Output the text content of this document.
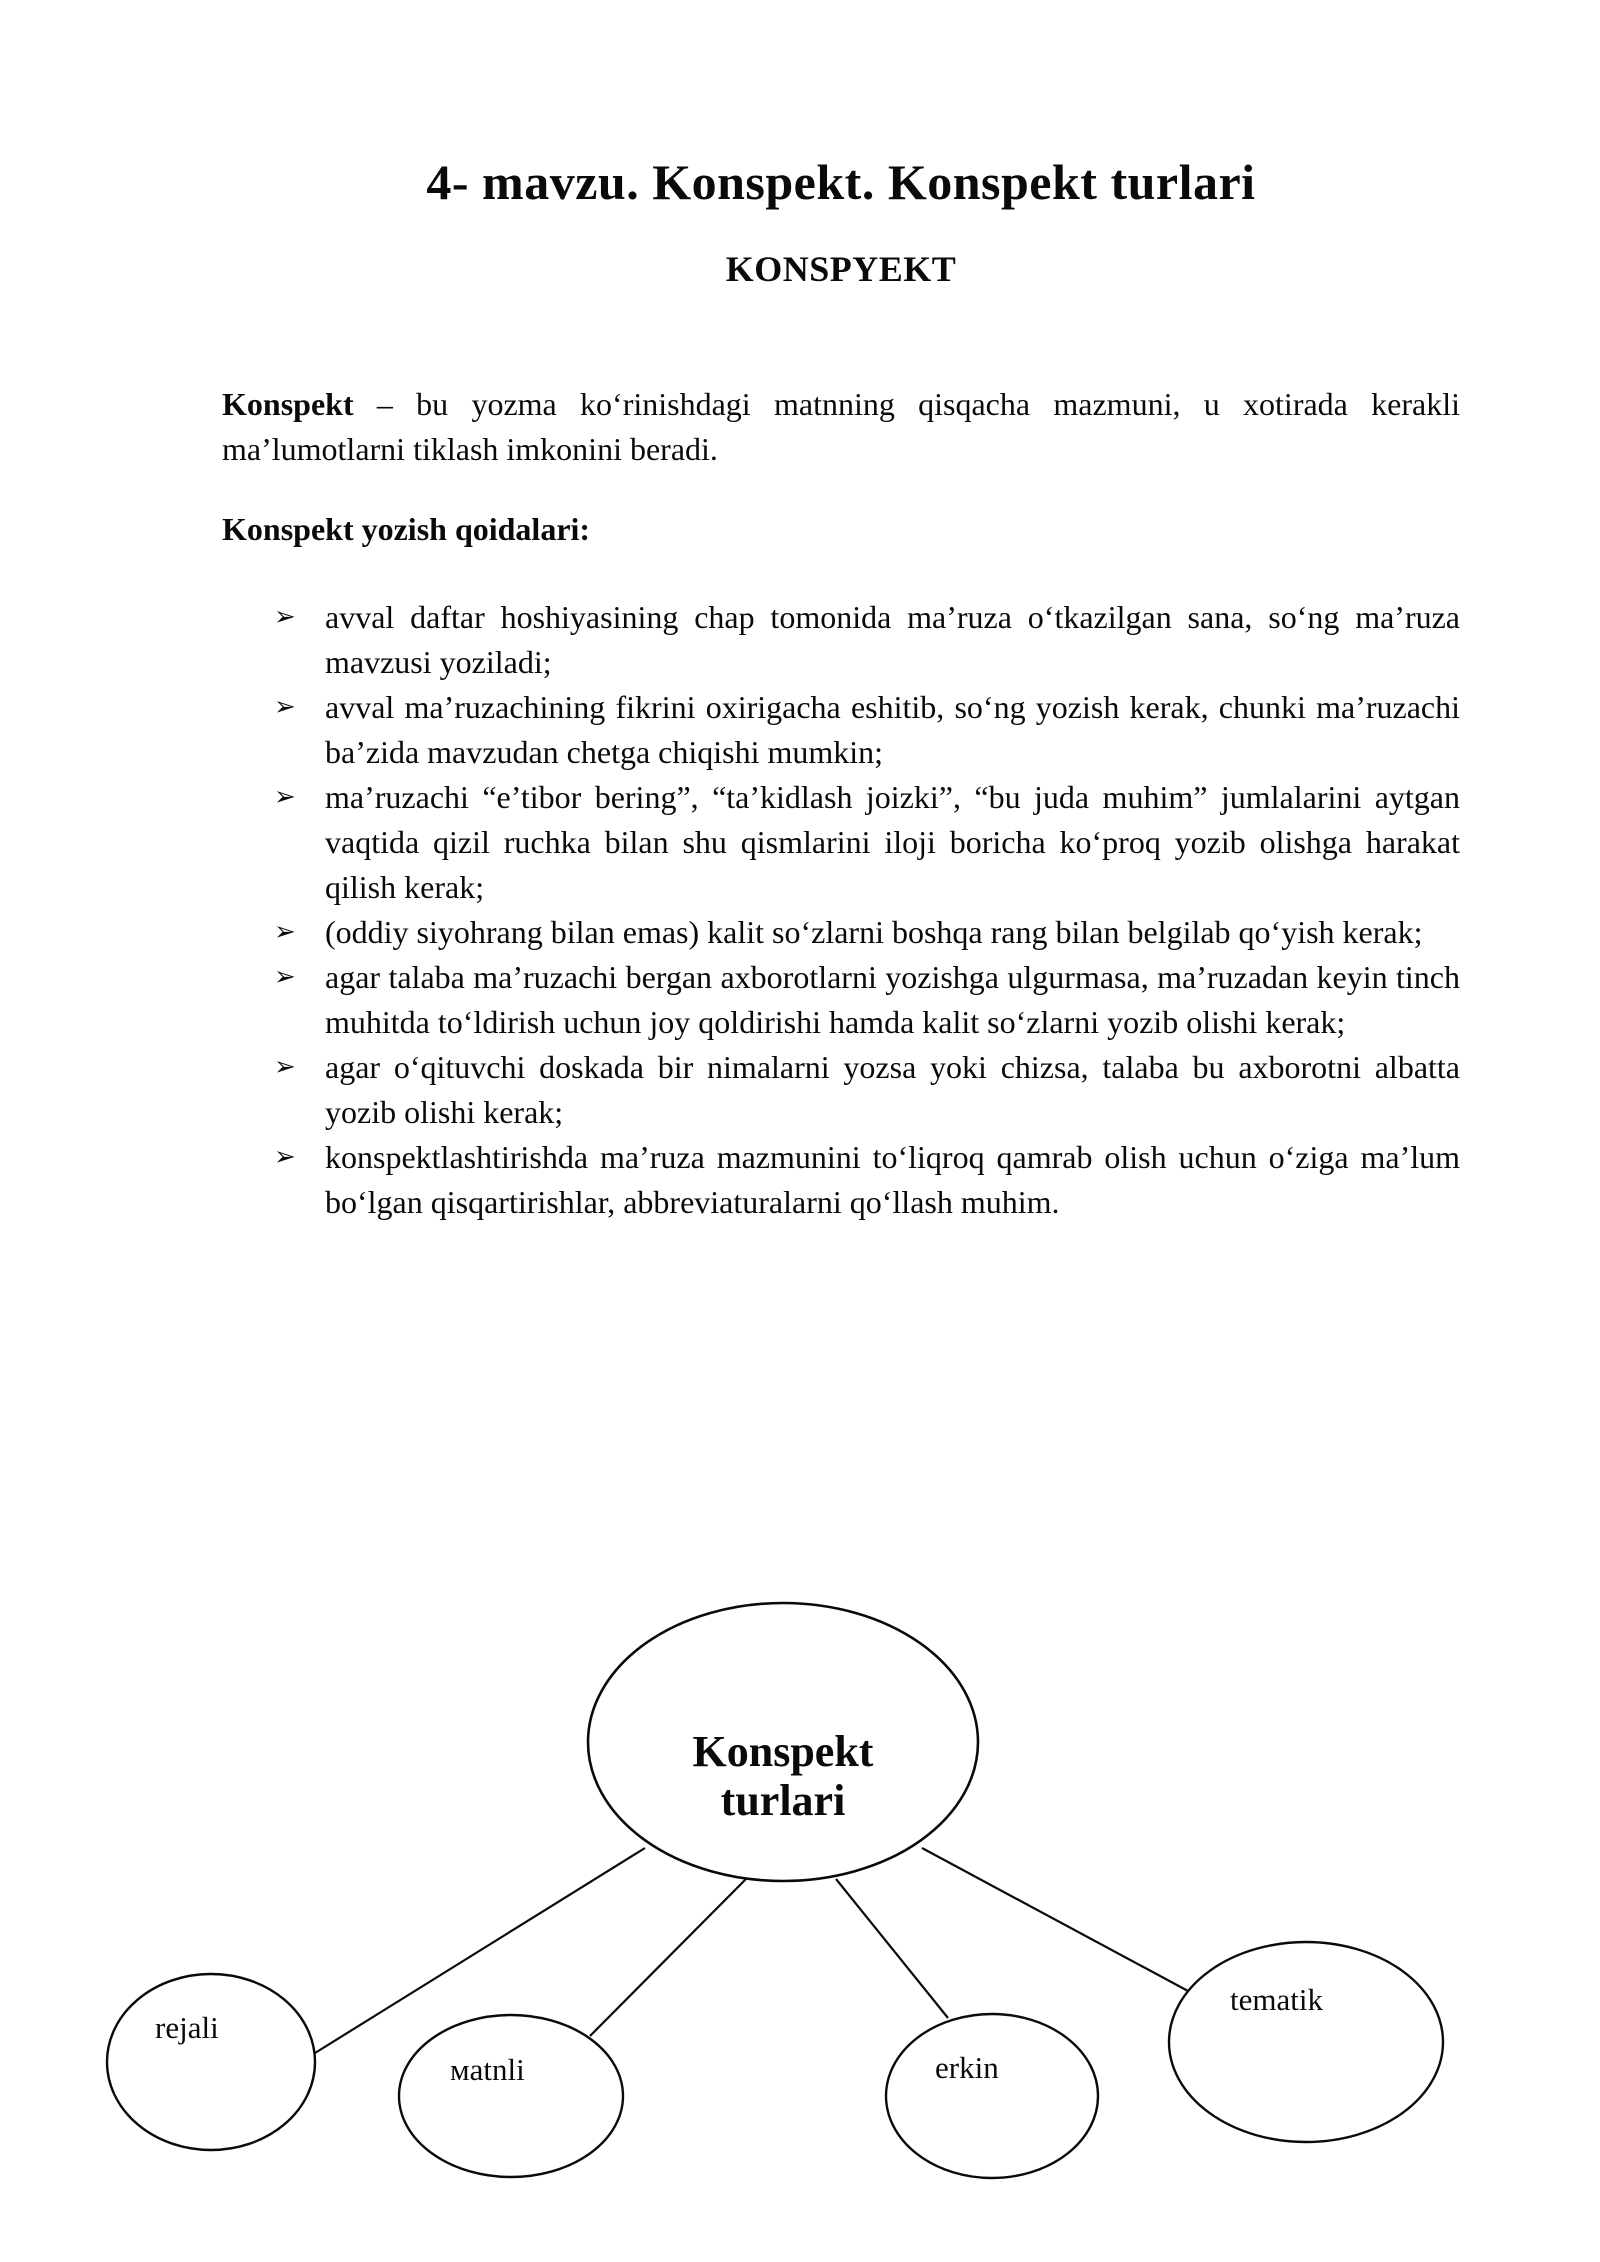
4- mavzu. Konspekt. Konspekt turlari
KONSPYEKT

Konspekt – bu yozma ko‘rinishdagi matnning qisqacha mazmuni, u xotirada kerakli ma’lumotlarni tiklash imkonini beradi.

Konspekt yozish qoidalari:

➢ avval daftar hoshiyasining chap tomonida ma’ruza o‘tkazilgan sana, so‘ng ma’ruza mavzusi yoziladi;
➢ avval ma’ruzachining fikrini oxirigacha eshitib, so‘ng yozish kerak, chunki ma’ruzachi ba’zida mavzudan chetga chiqishi mumkin;
➢ ma’ruzachi “e’tibor bering”, “ta’kidlash joizki”, “bu juda muhim” jumlalarini aytgan vaqtida qizil ruchka bilan shu qismlarini iloji boricha ko‘proq yozib olishga harakat qilish kerak;
➢ (oddiy siyohrang bilan emas) kalit so‘zlarni boshqa rang bilan belgilab qo‘yish kerak;
➢ agar talaba ma’ruzachi bergan axborotlarni yozishga ulgurmasa, ma’ruzadan keyin tinch muhitda to‘ldirish uchun joy qoldirishi hamda kalit so‘zlarni yozib olishi kerak;
➢ agar o‘qituvchi doskada bir nimalarni yozsa yoki chizsa, talaba bu axborotni albatta yozib olishi kerak;
➢ konspektlashtirishda ma’ruza mazmunini to‘liqroq qamrab olish uchun o‘ziga ma’lum bo‘lgan qisqartirishlar, abbreviaturalarni qo‘llash muhim.
Konspekt
turlari
rejali
мatnli	erkin
tematik
